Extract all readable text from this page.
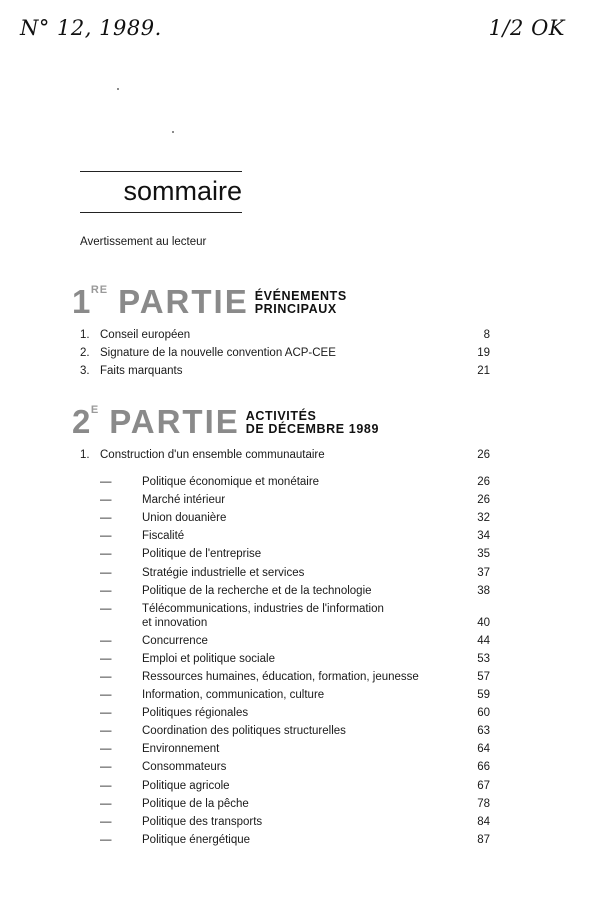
N° 12, 1989.	1/2 OK
sommaire
Avertissement au lecteur
1 RE PARTIE ÉVÉNEMENTS
PRINCIPAUX
1. Conseil européen	8
2. Signature de la nouvelle convention ACP-CEE	19
3. Faits marquants	21
2 E PARTIE ACTIVITÉS
DE DÉCEMBRE 1989
1. Construction d'un ensemble communautaire	26
—	Politique économique et monétaire	26
—	Marché intérieur	26
—	Union douanière	32
—	Fiscalité	34
—	Politique de l'entreprise	35
—	Stratégie industrielle et services	37
—	Politique de la recherche et de la technologie	38
—	Télécommunications, industries de l'information
et innovation	40
—	Concurrence	44
—	Emploi et politique sociale	53
—	Ressources humaines, éducation, formation, jeunesse	57
—	Information, communication, culture	59
—	Politiques régionales	60
—	Coordination des politiques structurelles	63
—	Environnement	64
—	Consommateurs	66
—	Politique agricole	67
—	Politique de la pêche	78
—	Politique des transports	84
—	Politique énergétique	87
